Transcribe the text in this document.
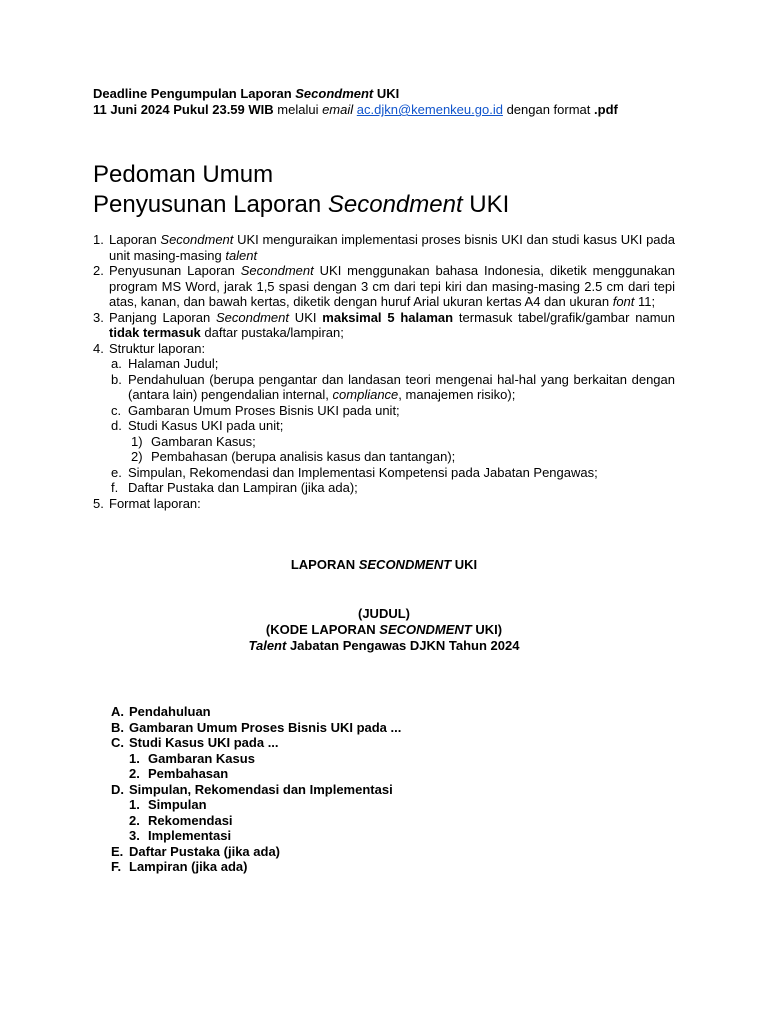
Deadline Pengumpulan Laporan Secondment UKI
11 Juni 2024 Pukul 23.59 WIB melalui email ac.djkn@kemenkeu.go.id dengan format .pdf
Pedoman Umum
Penyusunan Laporan Secondment UKI
1. Laporan Secondment UKI menguraikan implementasi proses bisnis UKI dan studi kasus UKI pada unit masing-masing talent
2. Penyusunan Laporan Secondment UKI menggunakan bahasa Indonesia, diketik menggunakan program MS Word, jarak 1,5 spasi dengan 3 cm dari tepi kiri dan masing-masing 2.5 cm dari tepi atas, kanan, dan bawah kertas, diketik dengan huruf Arial ukuran kertas A4 dan ukuran font 11;
3. Panjang Laporan Secondment UKI maksimal 5 halaman termasuk tabel/grafik/gambar namun tidak termasuk daftar pustaka/lampiran;
4. Struktur laporan:
a. Halaman Judul;
b. Pendahuluan (berupa pengantar dan landasan teori mengenai hal-hal yang berkaitan dengan (antara lain) pengendalian internal, compliance, manajemen risiko);
c. Gambaran Umum Proses Bisnis UKI pada unit;
d. Studi Kasus UKI pada unit;
1) Gambaran Kasus;
2) Pembahasan (berupa analisis kasus dan tantangan);
e. Simpulan, Rekomendasi dan Implementasi Kompetensi pada Jabatan Pengawas;
f. Daftar Pustaka dan Lampiran (jika ada);
5. Format laporan:
LAPORAN SECONDMENT UKI
(JUDUL)
(KODE LAPORAN SECONDMENT UKI)
Talent Jabatan Pengawas DJKN Tahun 2024
A. Pendahuluan
B. Gambaran Umum Proses Bisnis UKI pada ...
C. Studi Kasus UKI pada ...
1. Gambaran Kasus
2. Pembahasan
D. Simpulan, Rekomendasi dan Implementasi
1. Simpulan
2. Rekomendasi
3. Implementasi
E. Daftar Pustaka (jika ada)
F. Lampiran (jika ada)
